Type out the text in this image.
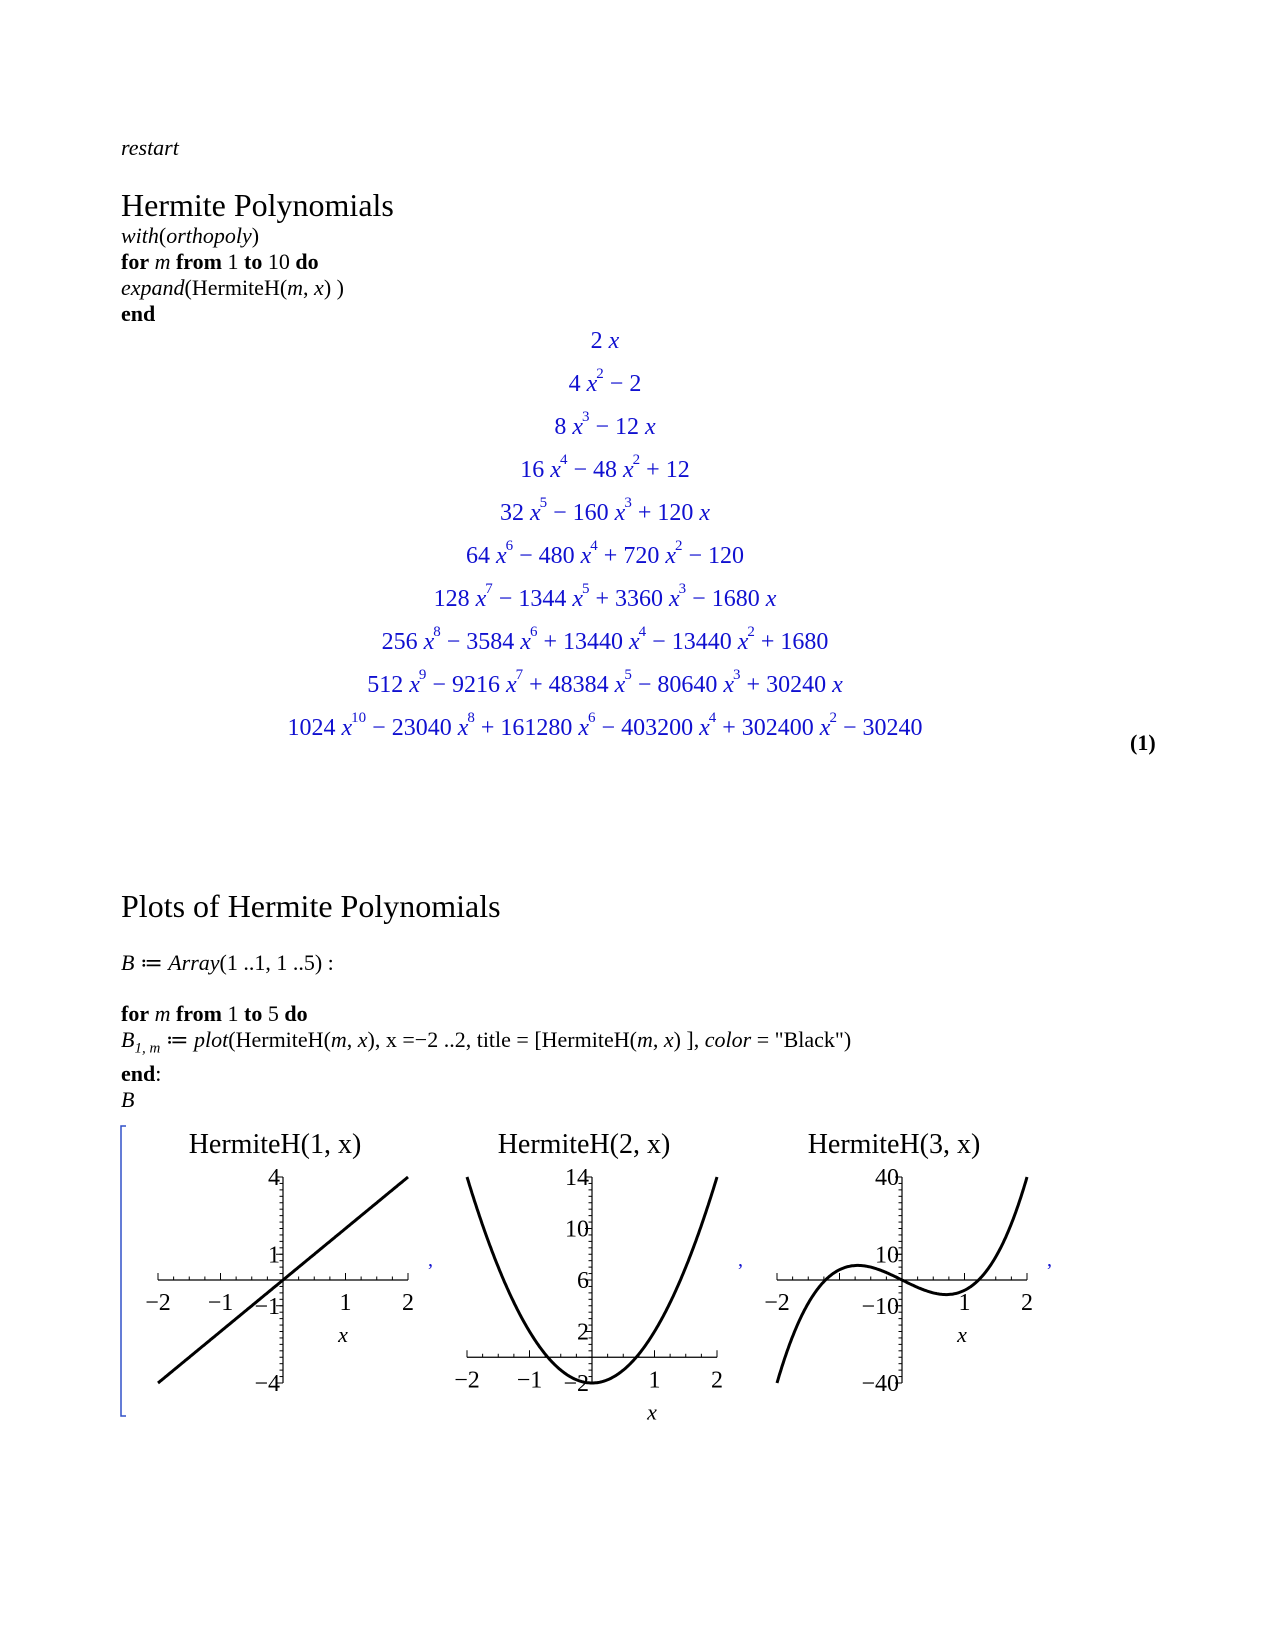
restart
Hermite Polynomials
with(orthopoly)
for m from 1 to 10 do
expand(HermiteH(m, x) )
end
2 x
4 $x^2 - 2$
8 $x^3 - 12$ x
16 $x^4 - 48$ $x^2 + 12$
32 $x^5 - 160$ $x^3 + 120$ x
64 $x^6 - 480$ $x^4 + 720$ $x^2 - 120$
128 $x^7 - 1344$ $x^5 + 3360$ $x^3 - 1680$ x
256 $x^8 - 3584$ $x^6 + 13440$ $x^4 - 13440$ $x^2 + 1680$
512 $x^9 - 9216$ $x^7 + 48384$ $x^5 - 80640$ $x^3 + 30240$ x
1024 $x^{10} - 23040$ $x^8 + 161280$ $x^6 - 403200$ $x^4 + 302400$ $x^2 - 30240$
(1)
Plots of Hermite Polynomials
B ≔ Array(1 ..1, 1 ..5) :
for m from 1 to 5 do
$B_{1, m}$ ≔ plot(HermiteH(m, x), x =−2 ..2, title = [HermiteH(m, x) ], color = "Black")
end:
B
HermiteH(1, x)
−2 −1	1 2
4
1
−1
−4
x
,
HermiteH(2, x)
−2 −1	1 2
14
10
6
2
−2
x
,
HermiteH(3, x)
−2	1 2
40
10
−10
−40
x
,
